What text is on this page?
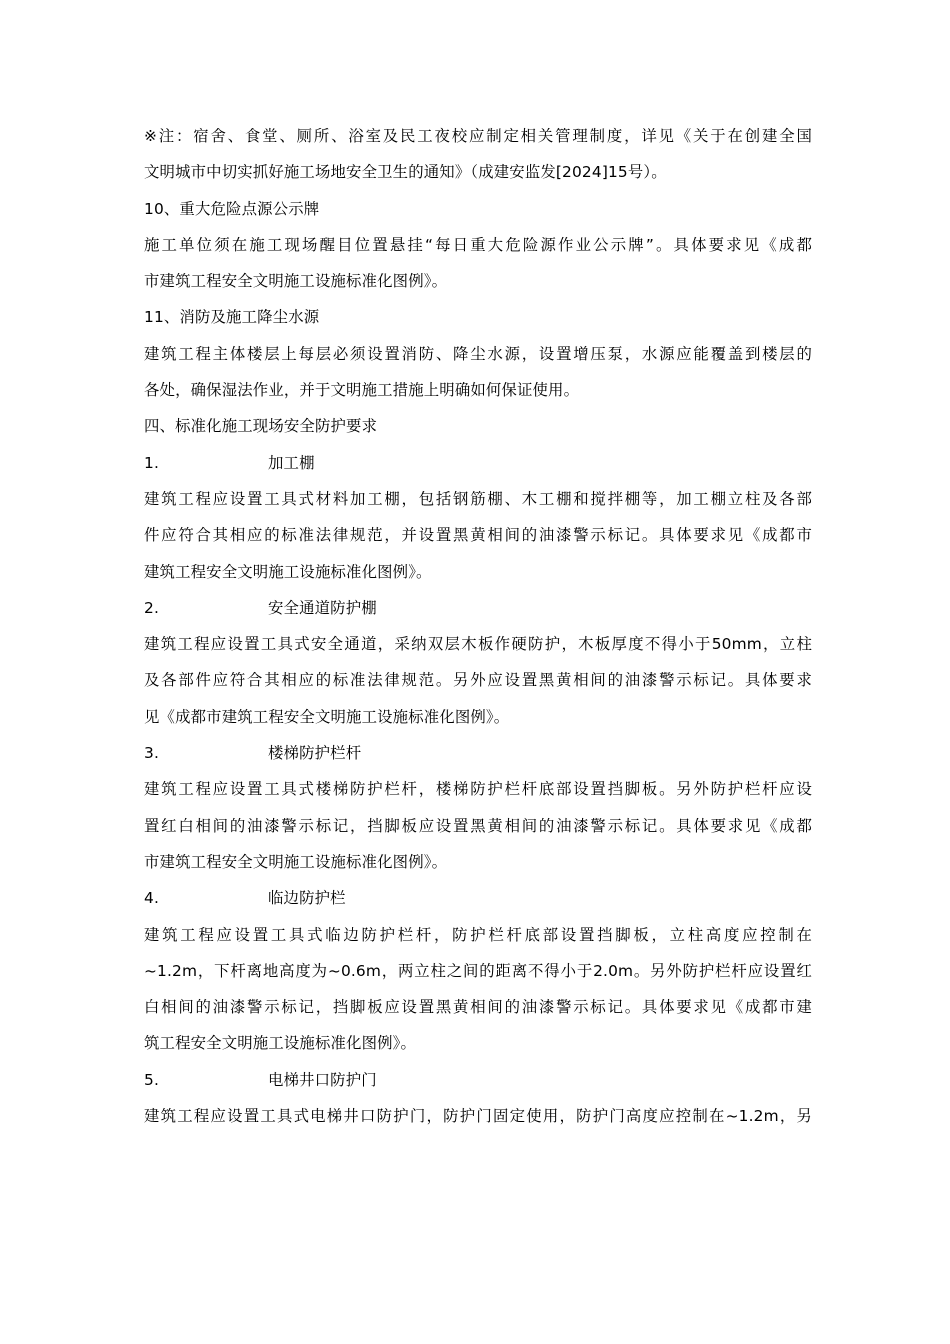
※注：宿舍、食堂、厕所、浴室及民工夜校应制定相关管理制度，详见《关于在创建全国
文明城市中切实抓好施工场地安全卫生的通知》（成建安监发[2024]15号）。
10、重大危险点源公示牌
施工单位须在施工现场醒目位置悬挂“每日重大危险源作业公示牌”。具体要求见《成都
市建筑工程安全文明施工设施标准化图例》。
11、消防及施工降尘水源
建筑工程主体楼层上每层必须设置消防、降尘水源，设置增压泵，水源应能覆盖到楼层的
各处，确保湿法作业，并于文明施工措施上明确如何保证使用。
四、标准化施工现场安全防护要求
1.	加工棚
建筑工程应设置工具式材料加工棚，包括钢筋棚、木工棚和搅拌棚等，加工棚立柱及各部
件应符合其相应的标准法律规范，并设置黑黄相间的油漆警示标记。具体要求见《成都市
建筑工程安全文明施工设施标准化图例》。
2.	安全通道防护棚
建筑工程应设置工具式安全通道，采纳双层木板作硬防护，木板厚度不得小于50mm，立柱
及各部件应符合其相应的标准法律规范。另外应设置黑黄相间的油漆警示标记。具体要求
见《成都市建筑工程安全文明施工设施标准化图例》。
3.	楼梯防护栏杆
建筑工程应设置工具式楼梯防护栏杆，楼梯防护栏杆底部设置挡脚板。另外防护栏杆应设
置红白相间的油漆警示标记，挡脚板应设置黑黄相间的油漆警示标记。具体要求见《成都
市建筑工程安全文明施工设施标准化图例》。
4.	临边防护栏
建筑工程应设置工具式临边防护栏杆，防护栏杆底部设置挡脚板，立柱高度应控制在
~1.2m，下杆离地高度为~0.6m，两立柱之间的距离不得小于2.0m。另外防护栏杆应设置红
白相间的油漆警示标记，挡脚板应设置黑黄相间的油漆警示标记。具体要求见《成都市建
筑工程安全文明施工设施标准化图例》。
5.	电梯井口防护门
建筑工程应设置工具式电梯井口防护门，防护门固定使用，防护门高度应控制在~1.2m，另
